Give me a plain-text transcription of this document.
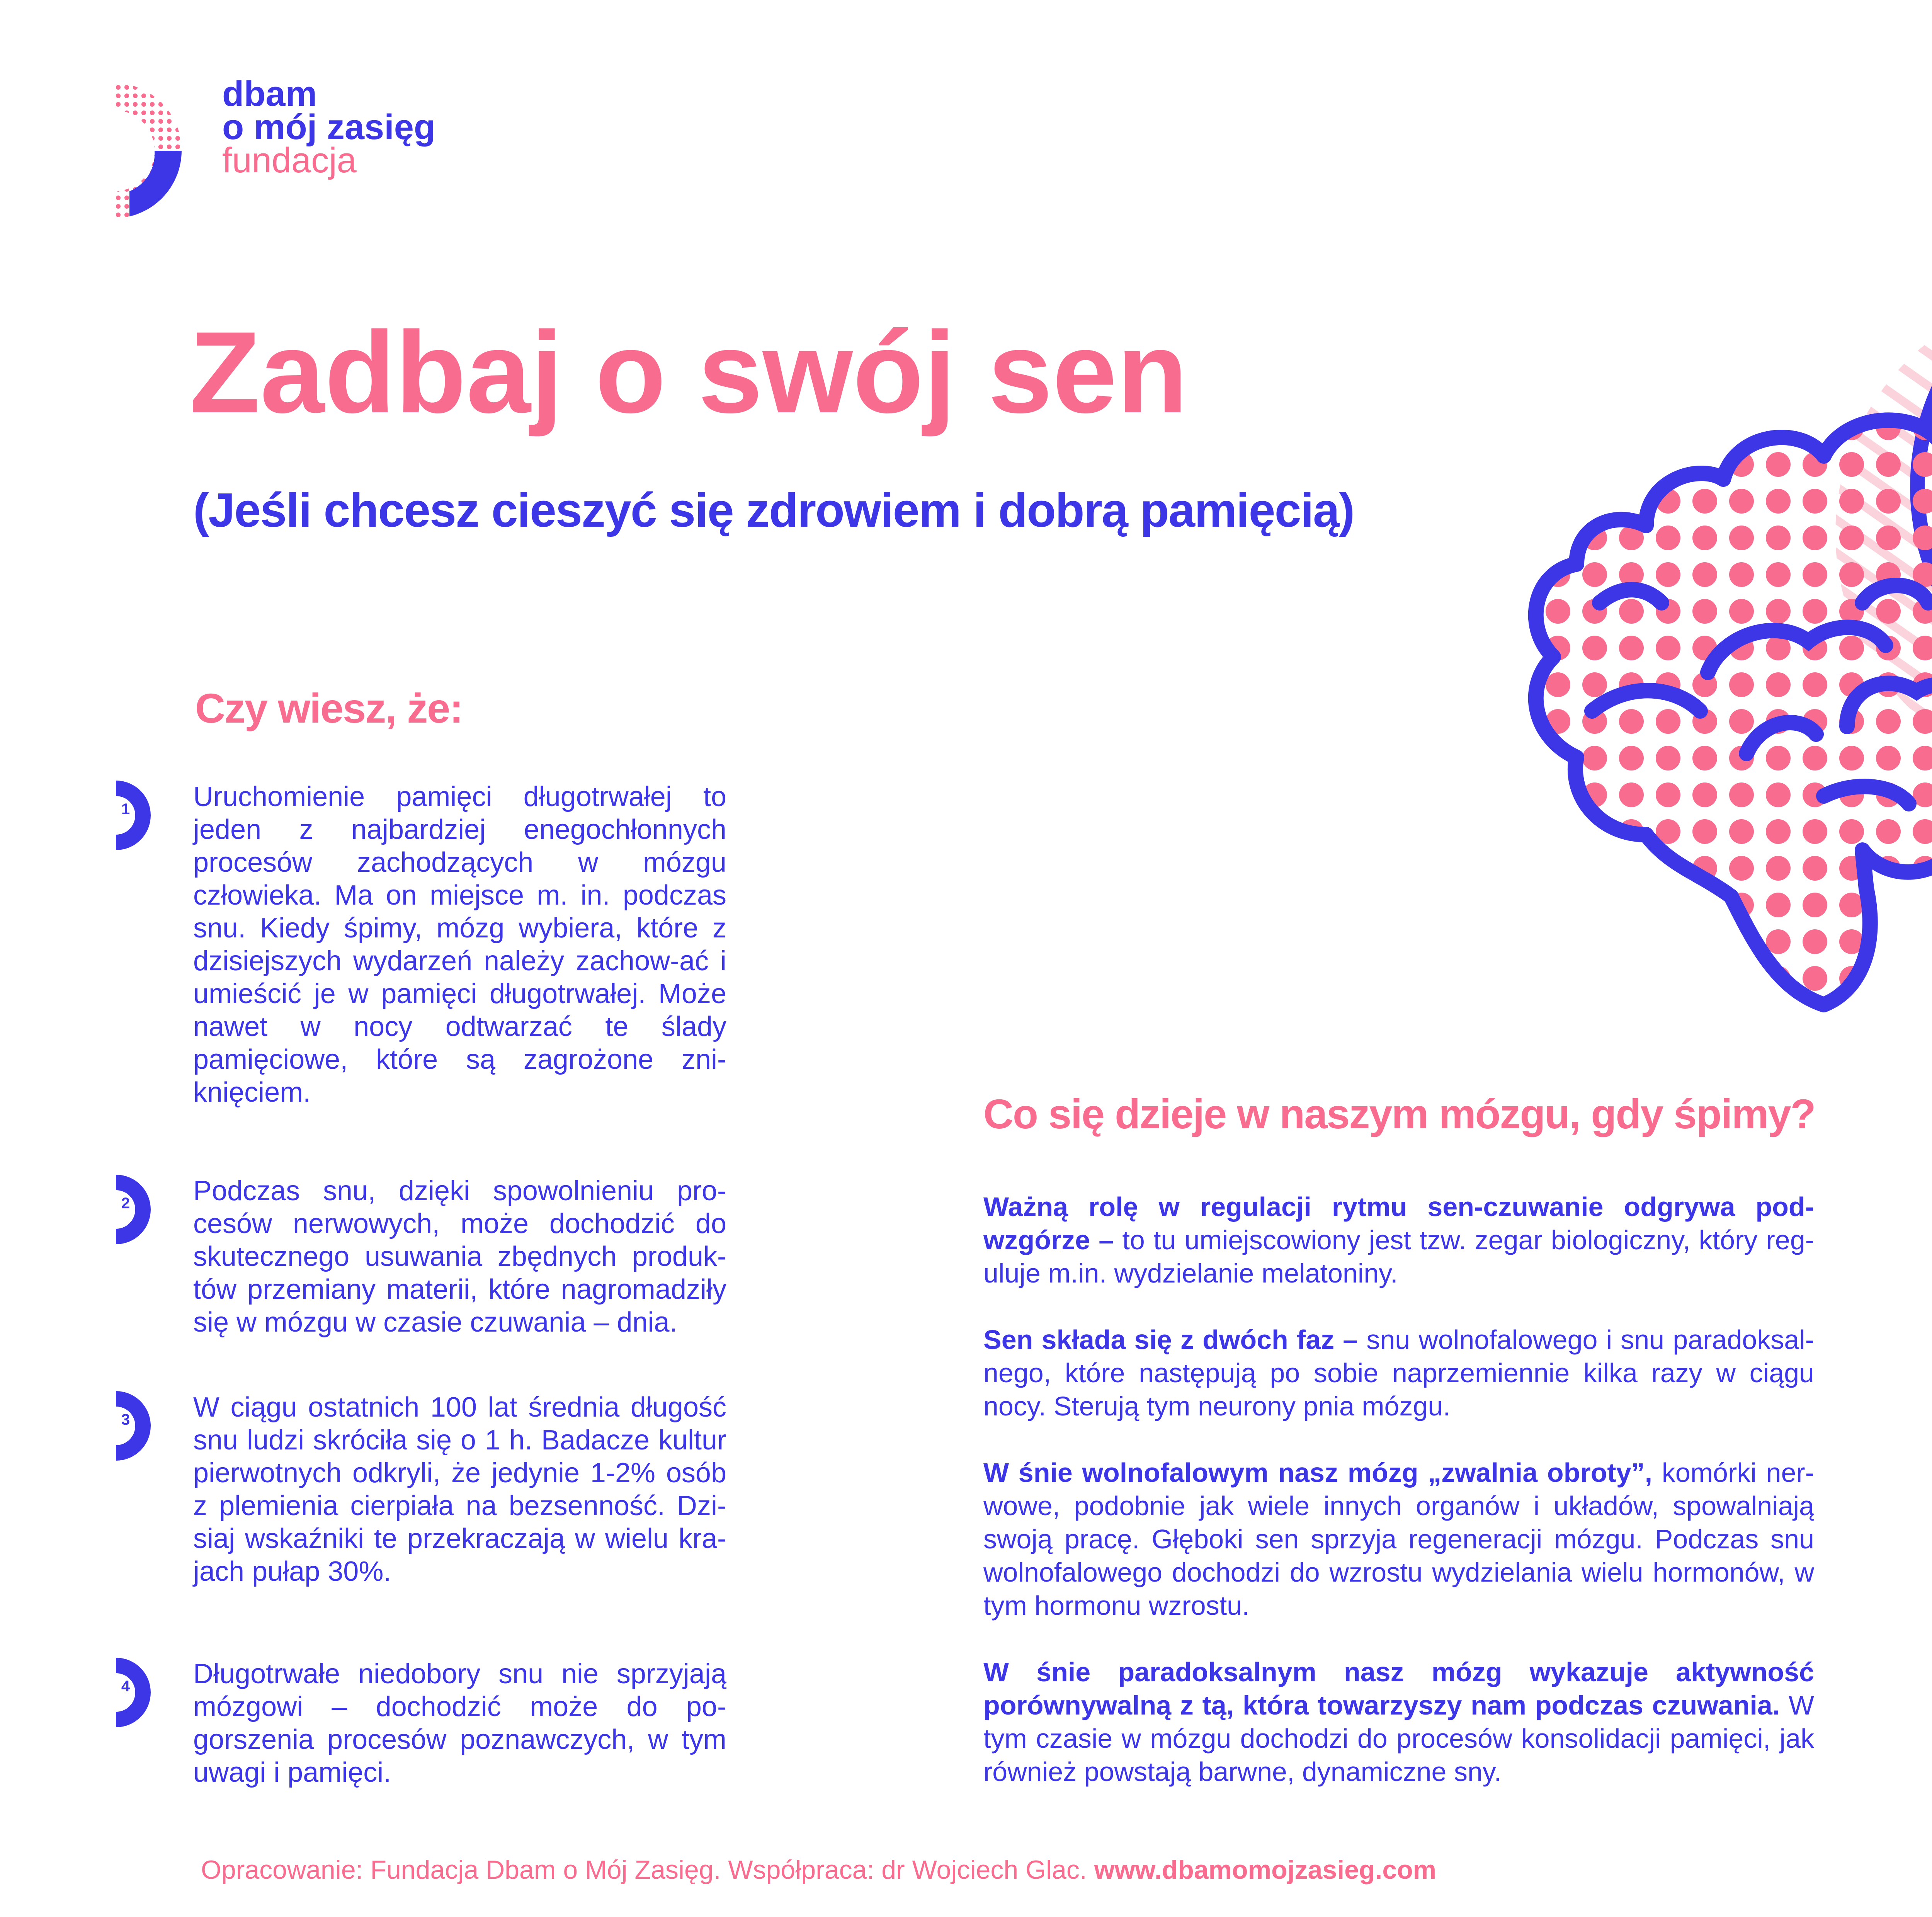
dbam
o mój zasięg
fundacja
Zadbaj o swój sen
(Jeśli chcesz cieszyć się zdrowiem i dobrą pamięcią)
Czy wiesz, że:
1 Uruchomienie pamięci długotrwałej to jeden z najbardziej enegochłonnych procesów zachodzących w mózgu człowieka. Ma on miejsce m. in. podczas snu. Kiedy śpimy, mózg wybiera, które z dzisiejszych wydarzeń należy zachow-ać i umieścić je w pamięci długotrwałej. Może nawet w nocy odtwarzać te ślady pamięciowe, które są zagrożone zni-knięciem.
2 Podczas snu, dzięki spowolnieniu pro-cesów nerwowych, może dochodzić do skutecznego usuwania zbędnych produk-tów przemiany materii, które nagromadziły się w mózgu w czasie czuwania – dnia.
3 W ciągu ostatnich 100 lat średnia długość snu ludzi skróciła się o 1 h. Badacze kultur pierwotnych odkryli, że jedynie 1-2% osób z plemienia cierpiała na bezsenność. Dzi-siaj wskaźniki te przekraczają w wielu kra-jach pułap 30%.
4 Długotrwałe niedobory snu nie sprzyjają mózgowi – dochodzić może do po-gorszenia procesów poznawczych, w tym uwagi i pamięci.
Co się dzieje w naszym mózgu, gdy śpimy?

Ważną rolę w regulacji rytmu sen-czuwanie odgrywa pod-wzgórze – to tu umiejscowiony jest tzw. zegar biologiczny, który reg-uluje m.in. wydzielanie melatoniny.

Sen składa się z dwóch faz – snu wolnofalowego i snu paradoksal-nego, które następują po sobie naprzemiennie kilka razy w ciągu nocy. Sterują tym neurony pnia mózgu.

W śnie wolnofalowym nasz mózg „zwalnia obroty”, komórki ner-wowe, podobnie jak wiele innych organów i układów, spowalniają swoją pracę. Głęboki sen sprzyja regeneracji mózgu. Podczas snu wolnofalowego dochodzi do wzrostu wydzielania wielu hormonów, w tym hormonu wzrostu.

W śnie paradoksalnym nasz mózg wykazuje aktywność porównywalną z tą, która towarzyszy nam podczas czuwania. W tym czasie w mózgu dochodzi do procesów konsolidacji pamięci, jak również powstają barwne, dynamiczne sny.

Opracowanie: Fundacja Dbam o Mój Zasięg. Współpraca: dr Wojciech Glac. www.dbamomojzasieg.com
